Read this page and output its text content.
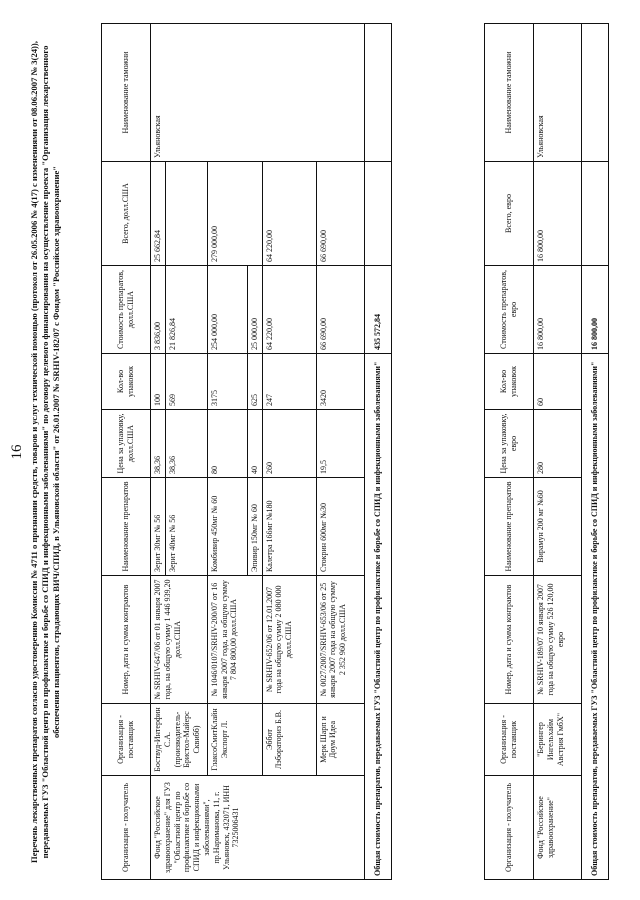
16 Перечень лекарственных препаратов согласно удостоверению Комиссии № 4711 о признании средств, товаров и услуг технической помощью (протокол от 26.05.2006 № 4(17) с изменениями от 08.06.2007 № 3(24)), передаваемых ГУЗ "Областной центр по профилактике и борьбе со СПИД и инфекционными заболеваниями" по договору целевого финансирования на осуществление проекта "Организация лекарственного обеспечения пациентов, страдающих ВИЧ/СПИД, в Ульяновской области" от 26.01.2007 № SRHIV-182/07 с Фондом "Российское здравоохранение"
Организация - получатель	Организация - поставщик	Номер, дата и сумма контрактов	Наименование препаратов	Цена за упаковку, долл.США	Кол-во упаковок	Стоимость препаратов, долл.США	Всего, долл.США	Наименование таможни
Фонд "Российское здравоохранение" для ГУЗ "Областной центр по профилактике и борьбе со СПИД и инфекционными заболеваниями", пр.Нариманова, 11, г. Ульяновск, 432071, ИНН 7325006431	Боствуд-Интерфин С.А.(производитель-Бристол-Майерс Сквибб)	№ SRHIV-647/06 от 01 января 2007 года, на общую сумму 1 446 939,20 долл.США	Зерит 30мг № 56	38,36	100	3 836,00	25 662,84	Ульяновская
			Зерит 40мг № 56	38,36	569	21 826,84		
	ГлаксоСмитКлайн Экспорт Л.	№ 1046/0107/SRHIV-200/07 от 16 января 2007 года, на общую сумму 7 804 800,00 долл.США	Комбивир 450мг № 60	80	3175	254 000,00	279 000,00	
			Эпивир 150мг № 60	40	625	25 000,00		
	Эббот Лэбораториз Б.В.	№ SRHIV-652/06 от 12.01.2007 года на общую сумму 2 080 000 долл.США	Калетра 166мг №180	260	247	64 220,00	64 220,00	
	Мерк Шарп и Доум Идеа	№ 0027/2007/SRHIV-653/06 от 25 января 2007 года на общую сумму 2 352 960 долл.США	Стокрин 600мг №30	19,5	3420	66 690,00	66 690,00	
Общая стоимость препаратов, передаваемых ГУЗ "Областной центр по профилактике и борьбе со СПИД и инфекционными заболеваниями"						435 572,84		
Организация - получатель	Организация - поставщик	Номер, дата и сумма контрактов	Наименование препаратов	Цена за упаковку, евро	Кол-во упаковок	Стоимость препаратов, евро	Всего, евро	Наименование таможни
Фонд "Российское здравоохранение"	"Берингер Ингельхайм Австрия ГмбХ"	№ SRHIV-189/07 10 января 2007 года на общую сумму 526 120,00 евро	Вирамун 200 мг №60	280	60	16 800,00	16 800,00	Ульяновская
Общая стоимость препаратов, передаваемых ГУЗ "Областной центр по профилактике и борьбе со СПИД и инфекционными заболеваниями"						16 800,00		
